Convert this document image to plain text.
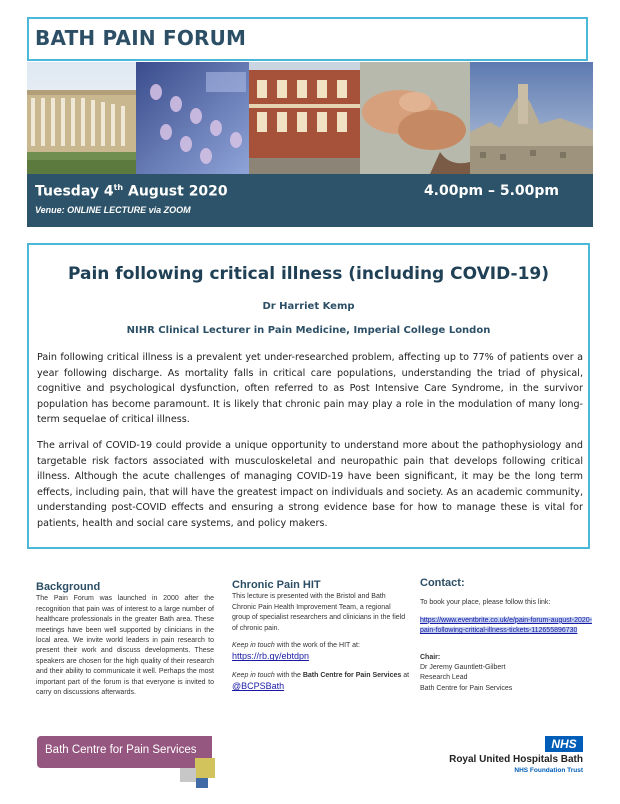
BATH PAIN FORUM
Tuesday 4th August 2020	4.00pm – 5.00pm
Venue: ONLINE LECTURE via ZOOM
Pain following critical illness (including COVID-19)
Dr Harriet Kemp
NIHR Clinical Lecturer in Pain Medicine, Imperial College London
Pain following critical illness is a prevalent yet under-researched problem, affecting up to 77% of patients over a year following discharge. As mortality falls in critical care populations, understanding the triad of physical, cognitive and psychological dysfunction, often referred to as Post Intensive Care Syndrome, in the survivor population has become paramount. It is likely that chronic pain may play a role in the modulation of many long-term sequelae of critical illness.
The arrival of COVID-19 could provide a unique opportunity to understand more about the pathophysiology and targetable risk factors associated with musculoskeletal and neuropathic pain that develops following critical illness. Although the acute challenges of managing COVID-19 have been significant, it may be the long term effects, including pain, that will have the greatest impact on individuals and society. As an academic community, understanding post-COVID effects and ensuring a strong evidence base for how to manage these is vital for patients, health and social care systems, and policy makers.
Background

The Pain Forum was launched in 2000 after the recognition that pain was of interest to a large number of healthcare professionals in the greater Bath area. These meetings have been well supported by clinicians in the local area. We invite world leaders in pain research to present their work and discuss developments. These speakers are chosen for the high quality of their research and their ability to communicate it well. Perhaps the most important part of the forum is that everyone is invited to carry on discussions afterwards.

Chronic Pain HIT

This lecture is presented with the Bristol and Bath Chronic Pain Health Improvement Team, a regional group of specialist researchers and clinicians in the field of chronic pain.

Keep in touch with the work of the HIT at:
https://rb.gy/ebtdpn

Keep in touch with the Bath Centre for Pain Services at
@BCPSBath

Contact:

To book your place, please follow this link:

https://www.eventbrite.co.uk/e/pain-forum-august-2020-pain-following-critical-illness-tickets-112655896730

Chair:

Dr Jeremy Gauntlett-Gilbert
Research Lead
Bath Centre for Pain Services
Bath Centre for Pain Services	NHS
Royal United Hospitals Bath
NHS Foundation Trust
